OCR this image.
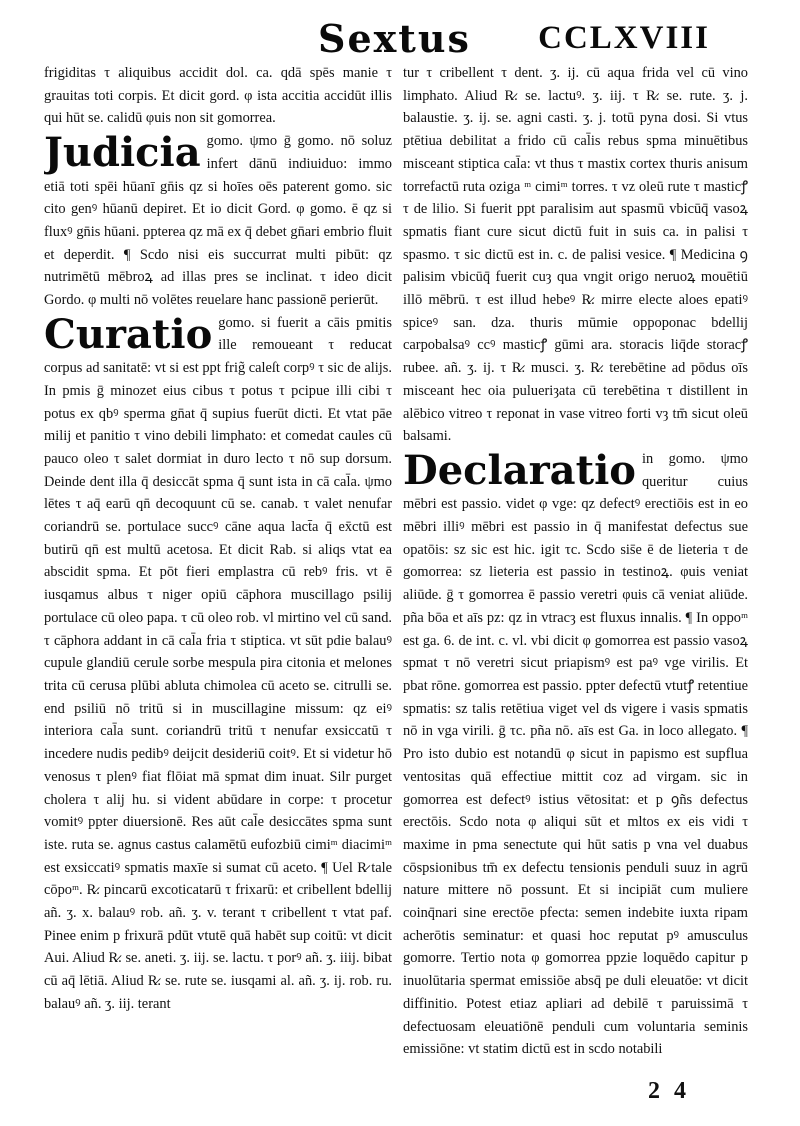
Sextus CCLXVIII

frigiditas τ aliquibus accidit dol. ca. qdā spēs manie τ grauitas toti corpis. Et dicit gord. φ ista accitia accidūt illis qui hūt se. calidū φuis non sit gomorrea.

Judicia gomo. ψmo ḡ gomo. nō soluz infert dānū indiuiduo: immo etiā toti spēi hūanī gn̄is qz si hoīes oēs paterent gomo. sic cito genꝰ hūanū depiret. Et io dicit Gord. φ gomo. ē qz si fluxꝰ gn̄is hūani. ppterea qz mā ex q̄ debet gn̄ari embrio fluit et deperdit. ¶ Scdo nisi eis succurrat multi pibūt: qz nutrimētū mēbroꝝ ad illas pres se inclinat. τ ideo dicit Gordo. φ multi nō volētes reuelare hanc passionē perierūt.

Curatio gomo. si fuerit a cāis pmitis ille remoueant τ reducat corpus ad sanitatē: vt si est ppt frig̃ caleſt corpꝰ τ sic de alijs. In pmis ḡ minozet eius cibus τ potus τ pcipue illi cibi τ potus ex qbꝰ sperma gn̄at q̄ supius fuerūt dicti. Et vtat pāe milij et panitio τ vino debili limphato: et comedat caules cū pauco oleo τ salet dormiat in duro lecto τ nō sup dorsum. Deinde dent illa q̄ desiccāt spma q̄ sunt ista in cā cal̄a. ψmo lētes τ aq̄ earū qn̄ decoquunt cū se. canab. τ valet nenufar coriandrū se. portulace succꝰ cāne aqua lact̄a q̄ ex̄ctū est butirū qn̄ est multū acetosa. Et dicit Rab. si aliqs vtat ea abscidit spma. Et pōt fieri emplastra cū rebꝰ fris. vt ē iusqamus albus τ niger opiū cāphora muscillago psilij portulace cū oleo papa. τ cū oleo rob. vl mirtino vel cū sand. τ cāphora addant in cā cal̄a fria τ stiptica. vt sūt pdie balauꝰ cupule glandiū cerule sorbe mespula pira citonia et melones trita cū cerusa plūbi abluta chimolea cū aceto se. citrulli se. end psiliū nō tritū si in muscillagine missum: qz eiꝰ interiora cal̄a sunt. coriandrū tritū τ nenufar exsiccatū τ incedere nudis pedibꝰ deijcit desideriū coitꝰ. Et si videtur hō venosus τ plenꝰ fiat flōiat mā spmat dim inuat. Silr purget cholera τ alij hu. si vident abūdare in corpe: τ procetur vomitꝰ ppter diuersionē. Res aūt cal̄e desiccātes spma sunt iste. ruta se. agnus castus calamētū eufozbiū cimiᵐ diacimiᵐ est exsiccatiꝰ spmatis maxīe si sumat cū aceto. ¶ Uel R̷ tale cōpoᵐ. R̷. pincarū excoticatarū τ frixarū: et cribellent bdellij añ. ʒ. x. balauꝰ rob. añ. ʒ. v. terant τ cribellent τ vtat paf. Pinee enim p frixurā pdūt vtutē quā habēt sup coitū: vt dicit Aui. Aliud R̷. se. aneti. ʒ. iij. se. lactu. τ porꝰ añ. ʒ. iiij. bibat cū aq̄ lētiā. Aliud R̷. se. rute se. iusqami al. añ. ʒ. ij. rob. ru. balauꝰ añ. ʒ. iij. terant

tur τ cribellent τ dent. ʒ. ij. cū aqua frida vel cū vino limphato. Aliud R̷. se. lactuꝰ. ʒ. iij. τ R̷. se. rute. ʒ. j. balaustie. ʒ. ij. se. agni casti. ʒ. j. totū pyna dosi. Si vtus ptētiua debilitat a frido cū cal̄is rebus spma minuētibus misceant stiptica cal̄a: vt thus τ mastix cortex thuris anisum torrefactū ruta oziga ᵐ cimiᵐ torres. τ vz oleū rute τ masticꝭ τ de lilio. Si fuerit ppt paralisim aut spasmū vbicūq̄ vasoꝝ spmatis fiant cure sicut dictū fuit in suis ca. in palisi τ spasmo. τ sic dictū est in. c. de palisi vesice. ¶ Medicina ꝯ palisim vbicūq̄ fuerit cuȝ qua vngit origo neruoꝝ mouētiū illō mēbrū. τ est illud hebeꝰ R̷. mirre electe aloes epatiꝰ spiceꝰ san. dza. thuris mūmie oppoponac bdellij carpobalsaꝰ ccꝰ masticꝭ gūmi ara. storacis liq̄de storacꝭ rubee. añ. ʒ. ij. τ R̷. musci. ʒ. R̷. terebētine ad pōdus oīs misceant hec oia pulueriȝata cū terebētina τ distillent in alēbico vitreo τ reponat in vase vitreo forti vȝ tm̄ sicut oleū balsami.

Declaratio in gomo. ψmo queritur cuius mēbri est passio. videt φ vge: qz defectꝰ erectiōis est in eo mēbri illiꝰ mēbri est passio in q̄ manifestat defectus sue opatōis: sz sic est hic. igit τc. Scdo sis̄e ē de lieteria τ de gomorrea: sz lieteria est passio in testinoꝝ. φuis veniat aliūde. ḡ τ gomorrea ē passio veretri φuis cā veniat aliūde. pña bōa et aīs pz: qz in vtracȝ est fluxus innalis. ¶ In oppoᵐ est ga. 6. de int. c. vl. vbi dicit φ gomorrea est passio vasoꝝ spmat τ nō veretri sicut priapismꝰ est paꝰ vge virilis. Et pbat rōne. gomorrea est passio. ppter defectū vtutꝭ retentiue spmatis: sz talis retētiua viget vel ds vigere i vasis spmatis nō in vga virili. ḡ τc. pña nō. aīs est Ga. in loco allegato. ¶ Pro isto dubio est notandū φ sicut in papismo est supflua ventositas quā effectiue mittit coz ad virgam. sic in gomorrea est defectꝰ istius vētositat: et p ꝯñs defectus erectōis. Scdo nota φ aliqui sūt et mltos ex eis vidi τ maxime in pma senectute qui hūt satis p vna vel duabus cōspsionibus tm̄ ex defectu tensionis penduli suuz in agrū nature mittere nō possunt. Et si incipiāt cum muliere coinq̄nari sine erectōe pfecta: semen indebite iuxta ripam acherōtis seminatur: et quasi hoc reputat pꝰ amusculus gomorre. Tertio nota φ gomorrea ppzie loquēdo capitur p inuolūtaria spermat emissiōe absq̄ pe duli eleuatōe: vt dicit diffinitio. Potest etiaz apliari ad debilē τ paruissimā τ defectuosam eleuatiōnē penduli cum voluntaria seminis emissiōne: vt statim dictū est in scdo notabili

2 4
